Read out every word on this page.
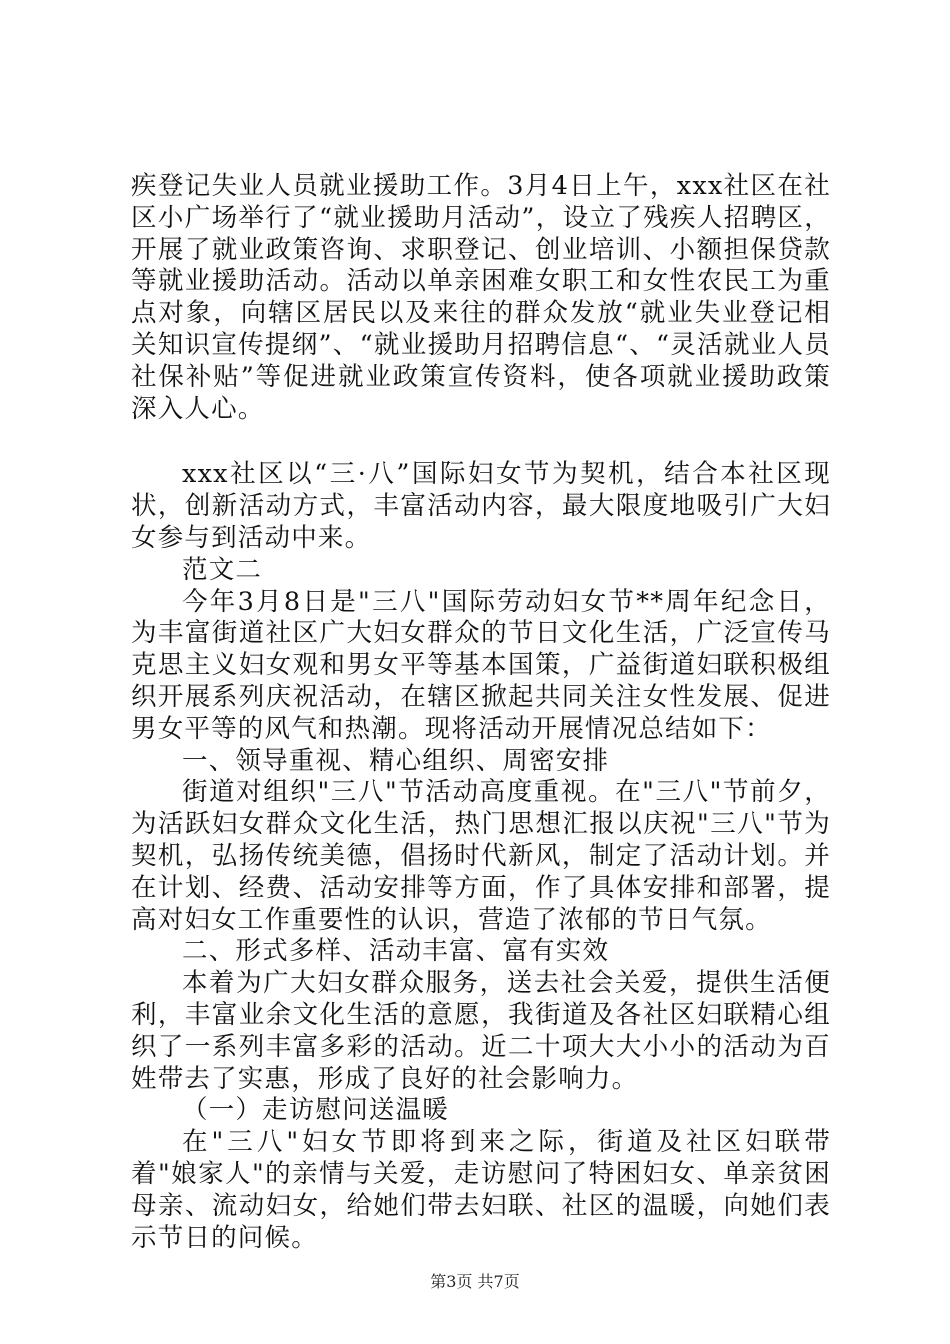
疾登记失业人员就业援助工作。3月4日上午，xxx社区在社区小广场举行了“就业援助月活动”，设立了残疾人招聘区，开展了就业政策咨询、求职登记、创业培训、小额担保贷款等就业援助活动。活动以单亲困难女职工和女性农民工为重点对象，向辖区居民以及来往的群众发放“就业失业登记相关知识宣传提纲”、“就业援助月招聘信息“、“灵活就业人员社保补贴”等促进就业政策宣传资料，使各项就业援助政策深入人心。

xxx社区以“三·八”国际妇女节为契机，结合本社区现状，创新活动方式，丰富活动内容，最大限度地吸引广大妇女参与到活动中来。

范文二

今年3月8日是"三八"国际劳动妇女节**周年纪念日，为丰富街道社区广大妇女群众的节日文化生活，广泛宣传马克思主义妇女观和男女平等基本国策，广益街道妇联积极组织开展系列庆祝活动，在辖区掀起共同关注女性发展、促进男女平等的风气和热潮。现将活动开展情况总结如下：

一、领导重视、精心组织、周密安排

街道对组织"三八"节活动高度重视。在"三八"节前夕，为活跃妇女群众文化生活，热门思想汇报以庆祝"三八"节为契机，弘扬传统美德，倡扬时代新风，制定了活动计划。并在计划、经费、活动安排等方面，作了具体安排和部署，提高对妇女工作重要性的认识，营造了浓郁的节日气氛。

二、形式多样、活动丰富、富有实效

本着为广大妇女群众服务，送去社会关爱，提供生活便利，丰富业余文化生活的意愿，我街道及各社区妇联精心组织了一系列丰富多彩的活动。近二十项大大小小的活动为百姓带去了实惠，形成了良好的社会影响力。

（一）走访慰问送温暖

在"三八"妇女节即将到来之际，街道及社区妇联带着"娘家人"的亲情与关爱，走访慰问了特困妇女、单亲贫困母亲、流动妇女，给她们带去妇联、社区的温暖，向她们表示节日的问候。

第3页 共7页
